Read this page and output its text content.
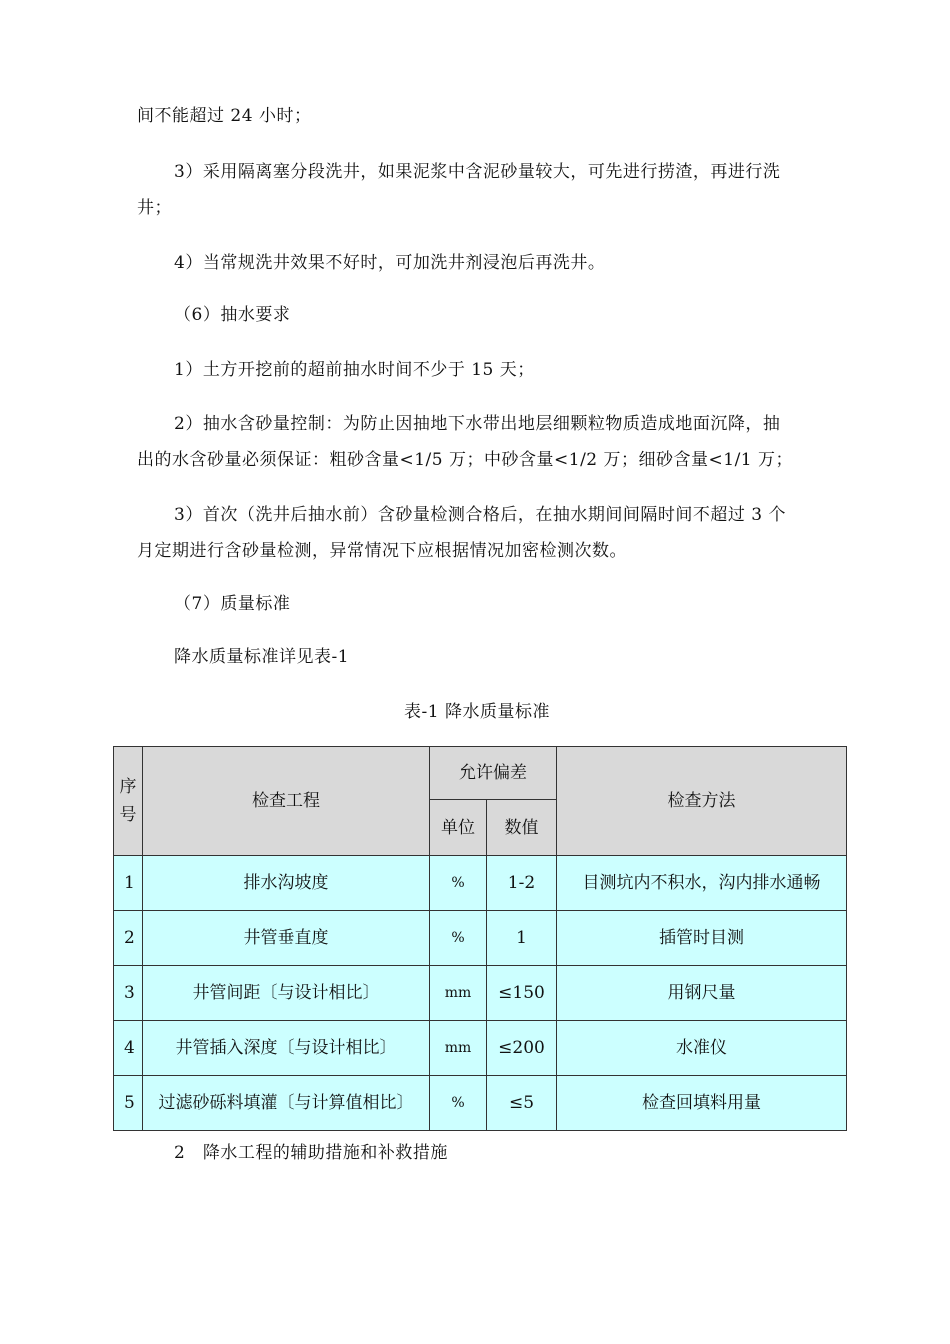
间不能超过 24 小时；
3）采用隔离塞分段洗井，如果泥浆中含泥砂量较大，可先进行捞渣，再进行洗
井；
4）当常规洗井效果不好时，可加洗井剂浸泡后再洗井。
（6）抽水要求
1）土方开挖前的超前抽水时间不少于 15 天；
2）抽水含砂量控制：为防止因抽地下水带出地层细颗粒物质造成地面沉降，抽
出的水含砂量必须保证：粗砂含量<1/5 万；中砂含量<1/2 万；细砂含量<1/1 万；
3）首次（洗井后抽水前）含砂量检测合格后，在抽水期间间隔时间不超过 3 个
月定期进行含砂量检测，异常情况下应根据情况加密检测次数。
（7）质量标准
降水质量标准详见表-1
表-1 降水质量标准
序号	检查工程	允许偏差		检查方法
		单位	数值	
1	排水沟坡度	%	1-2	目测坑内不积水，沟内排水通畅
2	井管垂直度	%	1	插管时目测
3	井管间距〔与设计相比〕	mm	≤150	用钢尺量
4	井管插入深度〔与设计相比〕	mm	≤200	水准仪
5	过滤砂砾料填灌〔与计算值相比〕	%	≤5	检查回填料用量
2　降水工程的辅助措施和补救措施
